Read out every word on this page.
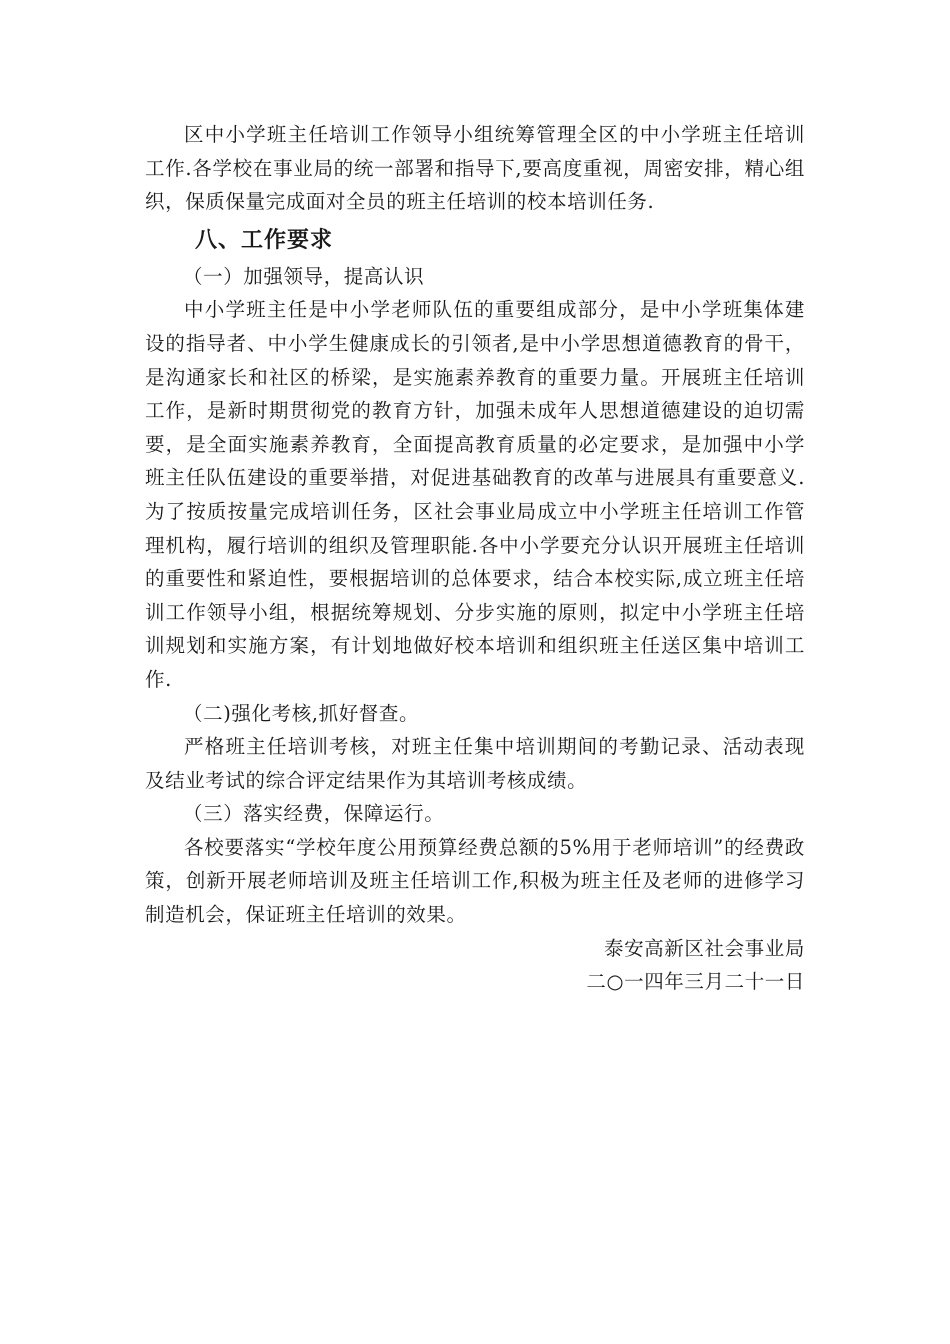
区中小学班主任培训工作领导小组统筹管理全区的中小学班主任培训工作.各学校在事业局的统一部署和指导下,要高度重视，周密安排，精心组织，保质保量完成面对全员的班主任培训的校本培训任务.

八、工作要求
（一）加强领导，提高认识

中小学班主任是中小学老师队伍的重要组成部分，是中小学班集体建设的指导者、中小学生健康成长的引领者,是中小学思想道德教育的骨干，是沟通家长和社区的桥梁，是实施素养教育的重要力量。开展班主任培训工作，是新时期贯彻党的教育方针，加强未成年人思想道德建设的迫切需要，是全面实施素养教育，全面提高教育质量的必定要求，是加强中小学班主任队伍建设的重要举措，对促进基础教育的改革与进展具有重要意义.为了按质按量完成培训任务，区社会事业局成立中小学班主任培训工作管理机构，履行培训的组织及管理职能.各中小学要充分认识开展班主任培训的重要性和紧迫性，要根据培训的总体要求，结合本校实际,成立班主任培训工作领导小组，根据统筹规划、分步实施的原则，拟定中小学班主任培训规划和实施方案，有计划地做好校本培训和组织班主任送区集中培训工作.

（二)强化考核,抓好督查。

严格班主任培训考核，对班主任集中培训期间的考勤记录、活动表现及结业考试的综合评定结果作为其培训考核成绩。

（三）落实经费，保障运行。

各校要落实“学校年度公用预算经费总额的5%用于老师培训”的经费政策，创新开展老师培训及班主任培训工作,积极为班主任及老师的进修学习制造机会，保证班主任培训的效果。

泰安高新区社会事业局
二○一四年三月二十一日
